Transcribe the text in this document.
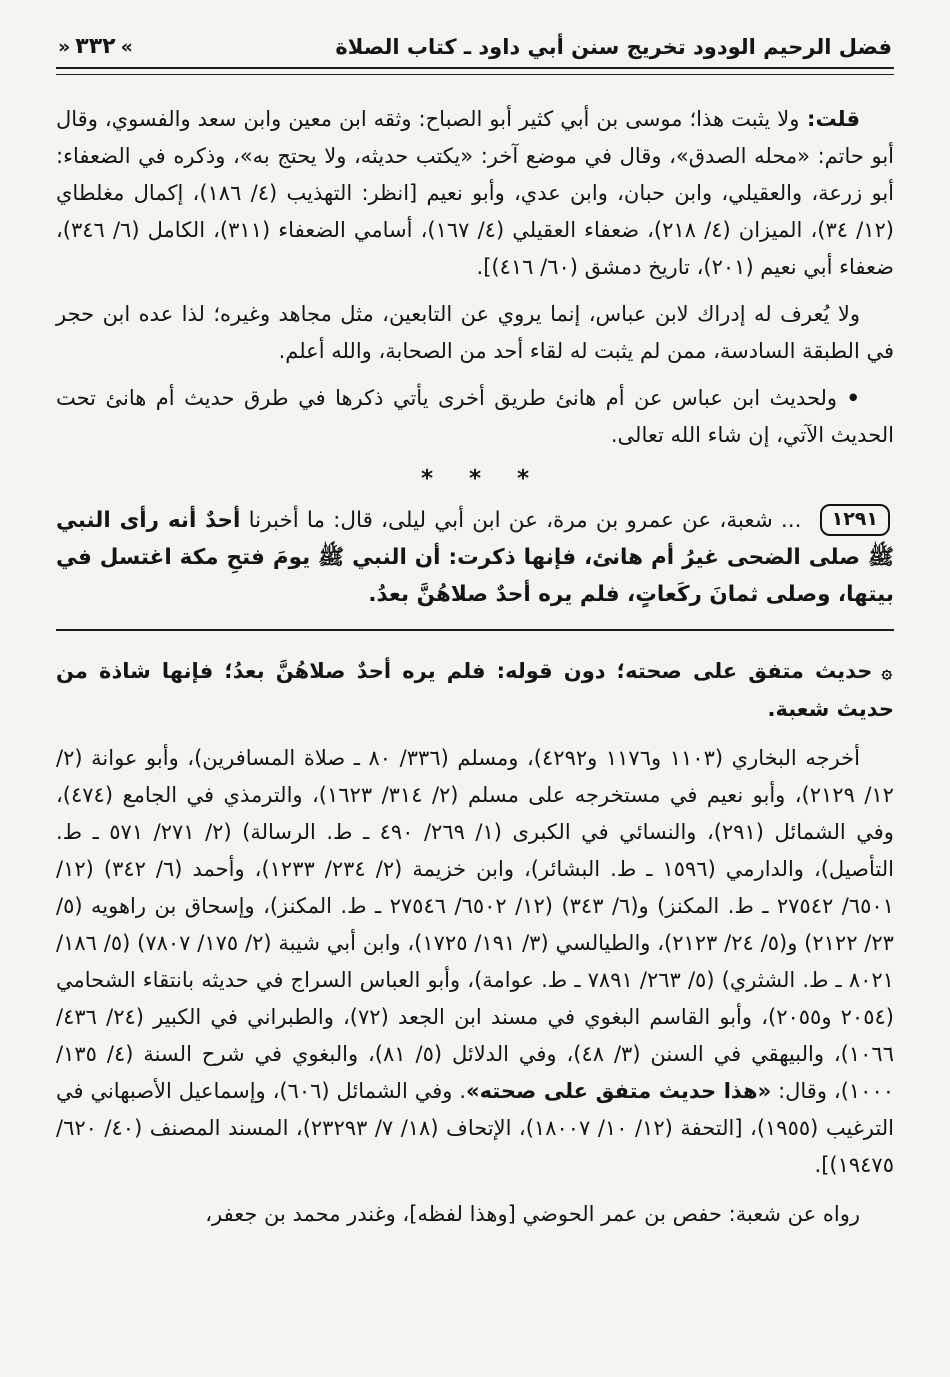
فضل الرحيم الودود تخريج سنن أبي داود ـ كتاب الصلاة
»
٣٣٢
«

قلت: ولا يثبت هذا؛ موسى بن أبي كثير أبو الصباح: وثقه ابن معين وابن سعد والفسوي، وقال أبو حاتم: «محله الصدق»، وقال في موضع آخر: «يكتب حديثه، ولا يحتج به»، وذكره في الضعفاء: أبو زرعة، والعقيلي، وابن حبان، وابن عدي، وأبو نعيم [انظر: التهذيب (٤/ ١٨٦)، إكمال مغلطاي (١٢/ ٣٤)، الميزان (٤/ ٢١٨)، ضعفاء العقيلي (٤/ ١٦٧)، أسامي الضعفاء (٣١١)، الكامل (٦/ ٣٤٦)، ضعفاء أبي نعيم (٢٠١)، تاريخ دمشق (٦٠/ ٤١٦)].

ولا يُعرف له إدراك لابن عباس، إنما يروي عن التابعين، مثل مجاهد وغيره؛ لذا عده ابن حجر في الطبقة السادسة، ممن لم يثبت له لقاء أحد من الصحابة، والله أعلم.

• ولحديث ابن عباس عن أم هانئ طريق أخرى يأتي ذكرها في طرق حديث أم هانئ تحت الحديث الآتي، إن شاء الله تعالى.

* * *

١٢٩١ ... شعبة، عن عمرو بن مرة، عن ابن أبي ليلى، قال: ما أخبرنا أحدٌ أنه رأى النبي ﷺ صلى الضحى غيرُ أم هانئ، فإنها ذكرت: أن النبي ﷺ يومَ فتحِ مكة اغتسل في بيتها، وصلى ثمانَ ركَعاتٍ، فلم يره أحدٌ صلاهُنَّ بعدُ.

۞حديث متفق على صحته؛ دون قوله: فلم يره أحدٌ صلاهُنَّ بعدُ؛ فإنها شاذة من حديث شعبة.

أخرجه البخاري (١١٠٣ و١١٧٦ و٤٢٩٢)، ومسلم (٣٣٦/ ٨٠ ـ صلاة المسافرين)، وأبو عوانة (٢/ ١٢/ ٢١٢٩)، وأبو نعيم في مستخرجه على مسلم (٢/ ٣١٤/ ١٦٢٣)، والترمذي في الجامع (٤٧٤)، وفي الشمائل (٢٩١)، والنسائي في الكبرى (١/ ٢٦٩/ ٤٩٠ ـ ط. الرسالة) (٢/ ٢٧١/ ٥٧١ ـ ط. التأصيل)، والدارمي (١٥٩٦ ـ ط. البشائر)، وابن خزيمة (٢/ ٢٣٤/ ١٢٣٣)، وأحمد (٦/ ٣٤٢) (١٢/ ٦٥٠١/ ٢٧٥٤٢ ـ ط. المكنز) و(٦/ ٣٤٣) (١٢/ ٦٥٠٢/ ٢٧٥٤٦ ـ ط. المكنز)، وإسحاق بن راهويه (٥/ ٢٣/ ٢١٢٢) و(٥/ ٢٤/ ٢١٢٣)، والطيالسي (٣/ ١٩١/ ١٧٢٥)، وابن أبي شيبة (٢/ ١٧٥/ ٧٨٠٧) (٥/ ١٨٦/ ٨٠٢١ ـ ط. الشثري) (٥/ ٢٦٣/ ٧٨٩١ ـ ط. عوامة)، وأبو العباس السراج في حديثه بانتقاء الشحامي (٢٠٥٤ و٢٠٥٥)، وأبو القاسم البغوي في مسند ابن الجعد (٧٢)، والطبراني في الكبير (٢٤/ ٤٣٦/ ١٠٦٦)، والبيهقي في السنن (٣/ ٤٨)، وفي الدلائل (٥/ ٨١)، والبغوي في شرح السنة (٤/ ١٣٥/ ١٠٠٠)، وقال: «هذا حديث متفق على صحته». وفي الشمائل (٦٠٦)، وإسماعيل الأصبهاني في الترغيب (١٩٥٥)، [التحفة (١٢/ ١٠/ ١٨٠٠٧)، الإتحاف (١٨/ ٧/ ٢٣٢٩٣)، المسند المصنف (٤٠/ ٦٢٠/ ١٩٤٧٥)].

رواه عن شعبة: حفص بن عمر الحوضي [وهذا لفظه]، وغندر محمد بن جعفر،
